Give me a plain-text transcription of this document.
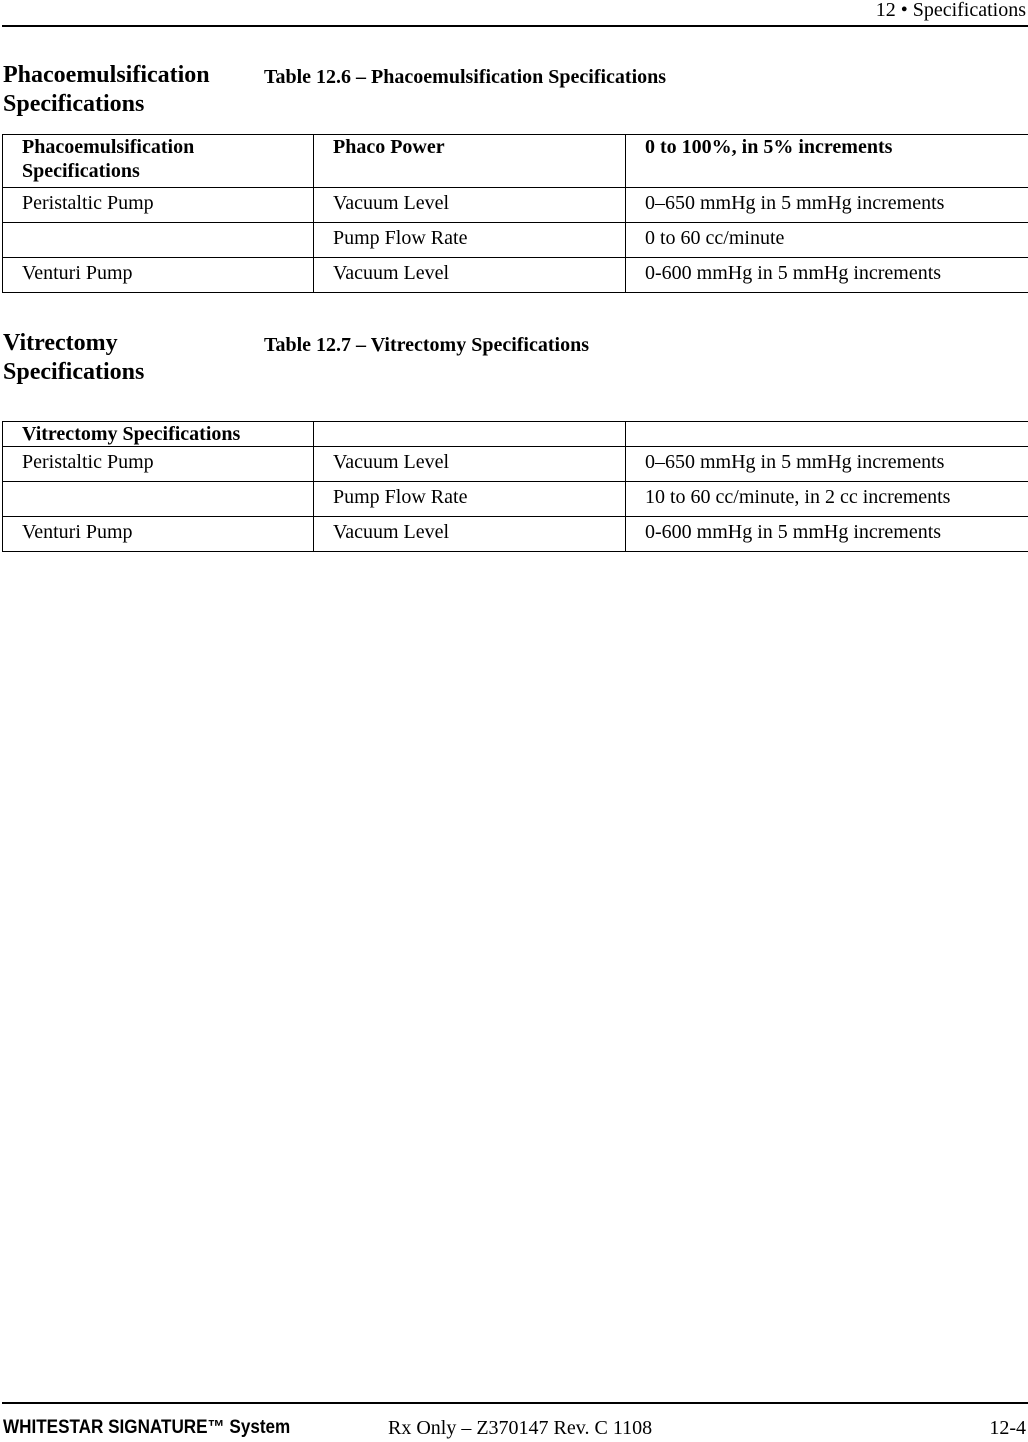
12 • Specifications
Phacoemulsification
Specifications
Table 12.6 – Phacoemulsification Specifications
Phacoemulsification
Specifications	Phaco Power	0 to 100%, in 5% increments
Peristaltic Pump	Vacuum Level	0–650 mmHg in 5 mmHg increments
	Pump Flow Rate	0 to 60 cc/minute
Venturi Pump	Vacuum Level	0-600 mmHg in 5 mmHg increments
Vitrectomy
Specifications
Table 12.7 – Vitrectomy Specifications
Vitrectomy Specifications		
Peristaltic Pump	Vacuum Level	0–650 mmHg in 5 mmHg increments
	Pump Flow Rate	10 to 60 cc/minute, in 2 cc increments
Venturi Pump	Vacuum Level	0-600 mmHg in 5 mmHg increments
WHITESTAR SIGNATURE™ System	Rx Only – Z370147 Rev. C 1108	12-4
